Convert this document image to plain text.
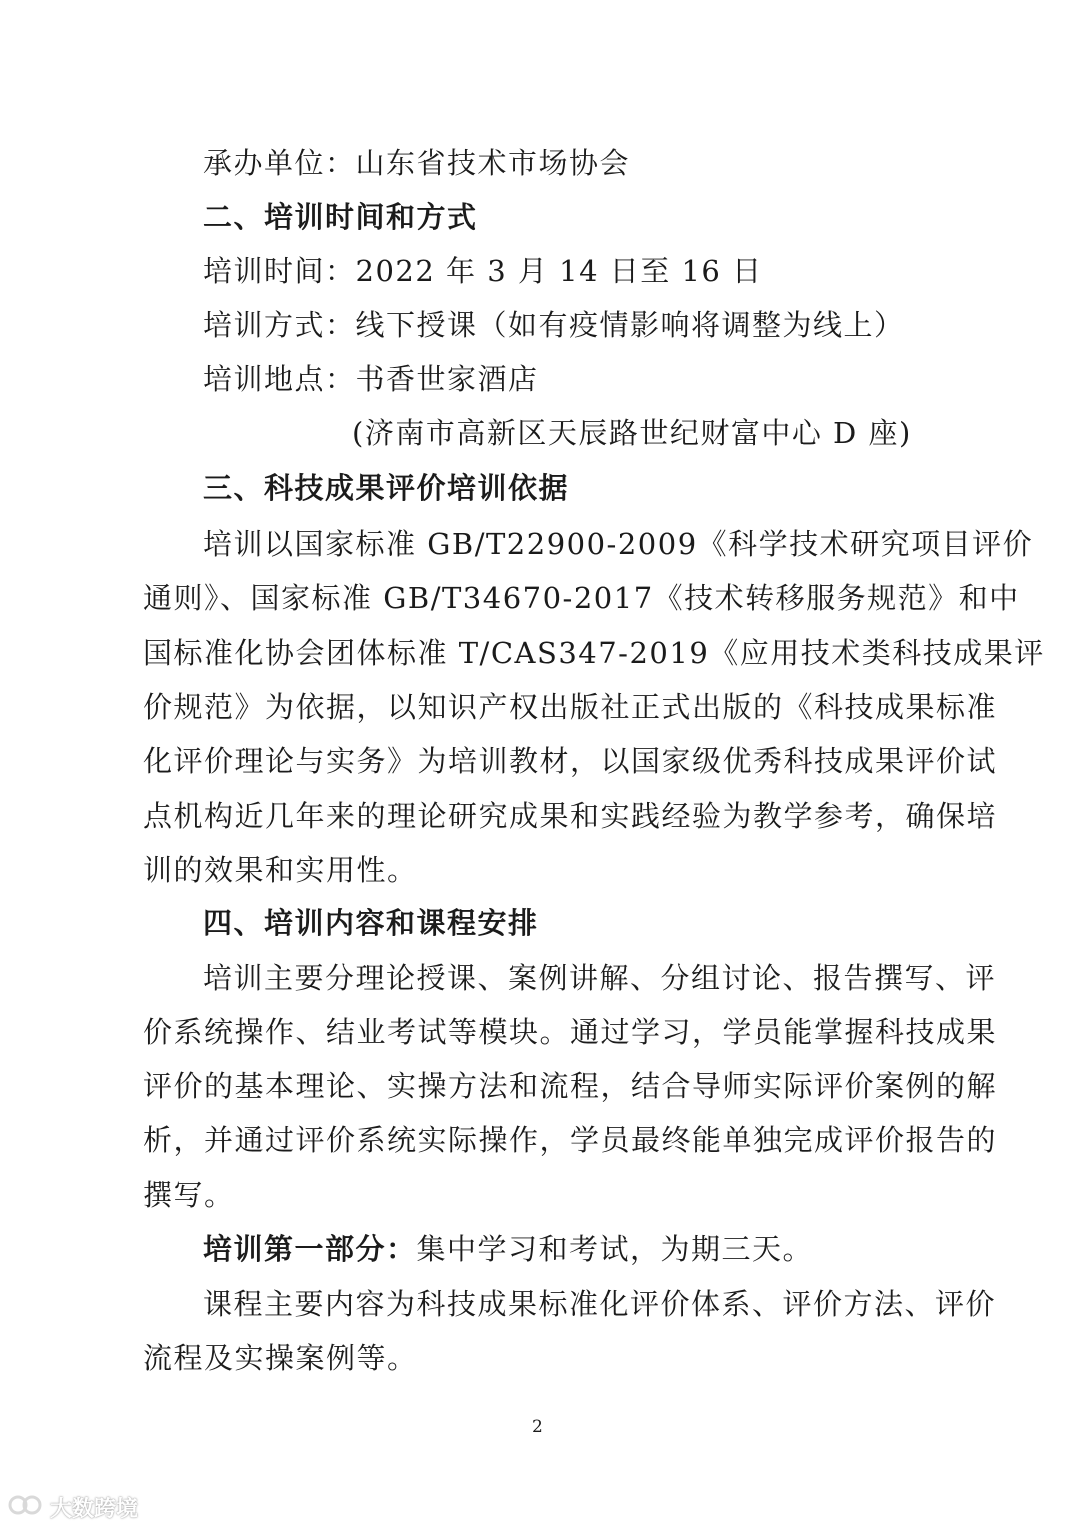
承办单位：山东省技术市场协会
二、培训时间和方式
培训时间：2022 年 3 月 14 日至 16 日
培训方式：线下授课（如有疫情影响将调整为线上）
培训地点：书香世家酒店
(济南市高新区天辰路世纪财富中心 D 座)
三、科技成果评价培训依据
培训以国家标准 GB/T22900-2009《科学技术研究项目评价
通则》、国家标准 GB/T34670-2017《技术转移服务规范》和中
国标准化协会团体标准 T/CAS347-2019《应用技术类科技成果评
价规范》为依据，以知识产权出版社正式出版的《科技成果标准
化评价理论与实务》为培训教材，以国家级优秀科技成果评价试
点机构近几年来的理论研究成果和实践经验为教学参考，确保培
训的效果和实用性。
四、培训内容和课程安排
培训主要分理论授课、案例讲解、分组讨论、报告撰写、评
价系统操作、结业考试等模块。通过学习，学员能掌握科技成果
评价的基本理论、实操方法和流程，结合导师实际评价案例的解
析，并通过评价系统实际操作，学员最终能单独完成评价报告的
撰写。
培训第一部分：集中学习和考试，为期三天。
课程主要内容为科技成果标准化评价体系、评价方法、评价
流程及实操案例等。
2
大数跨境
